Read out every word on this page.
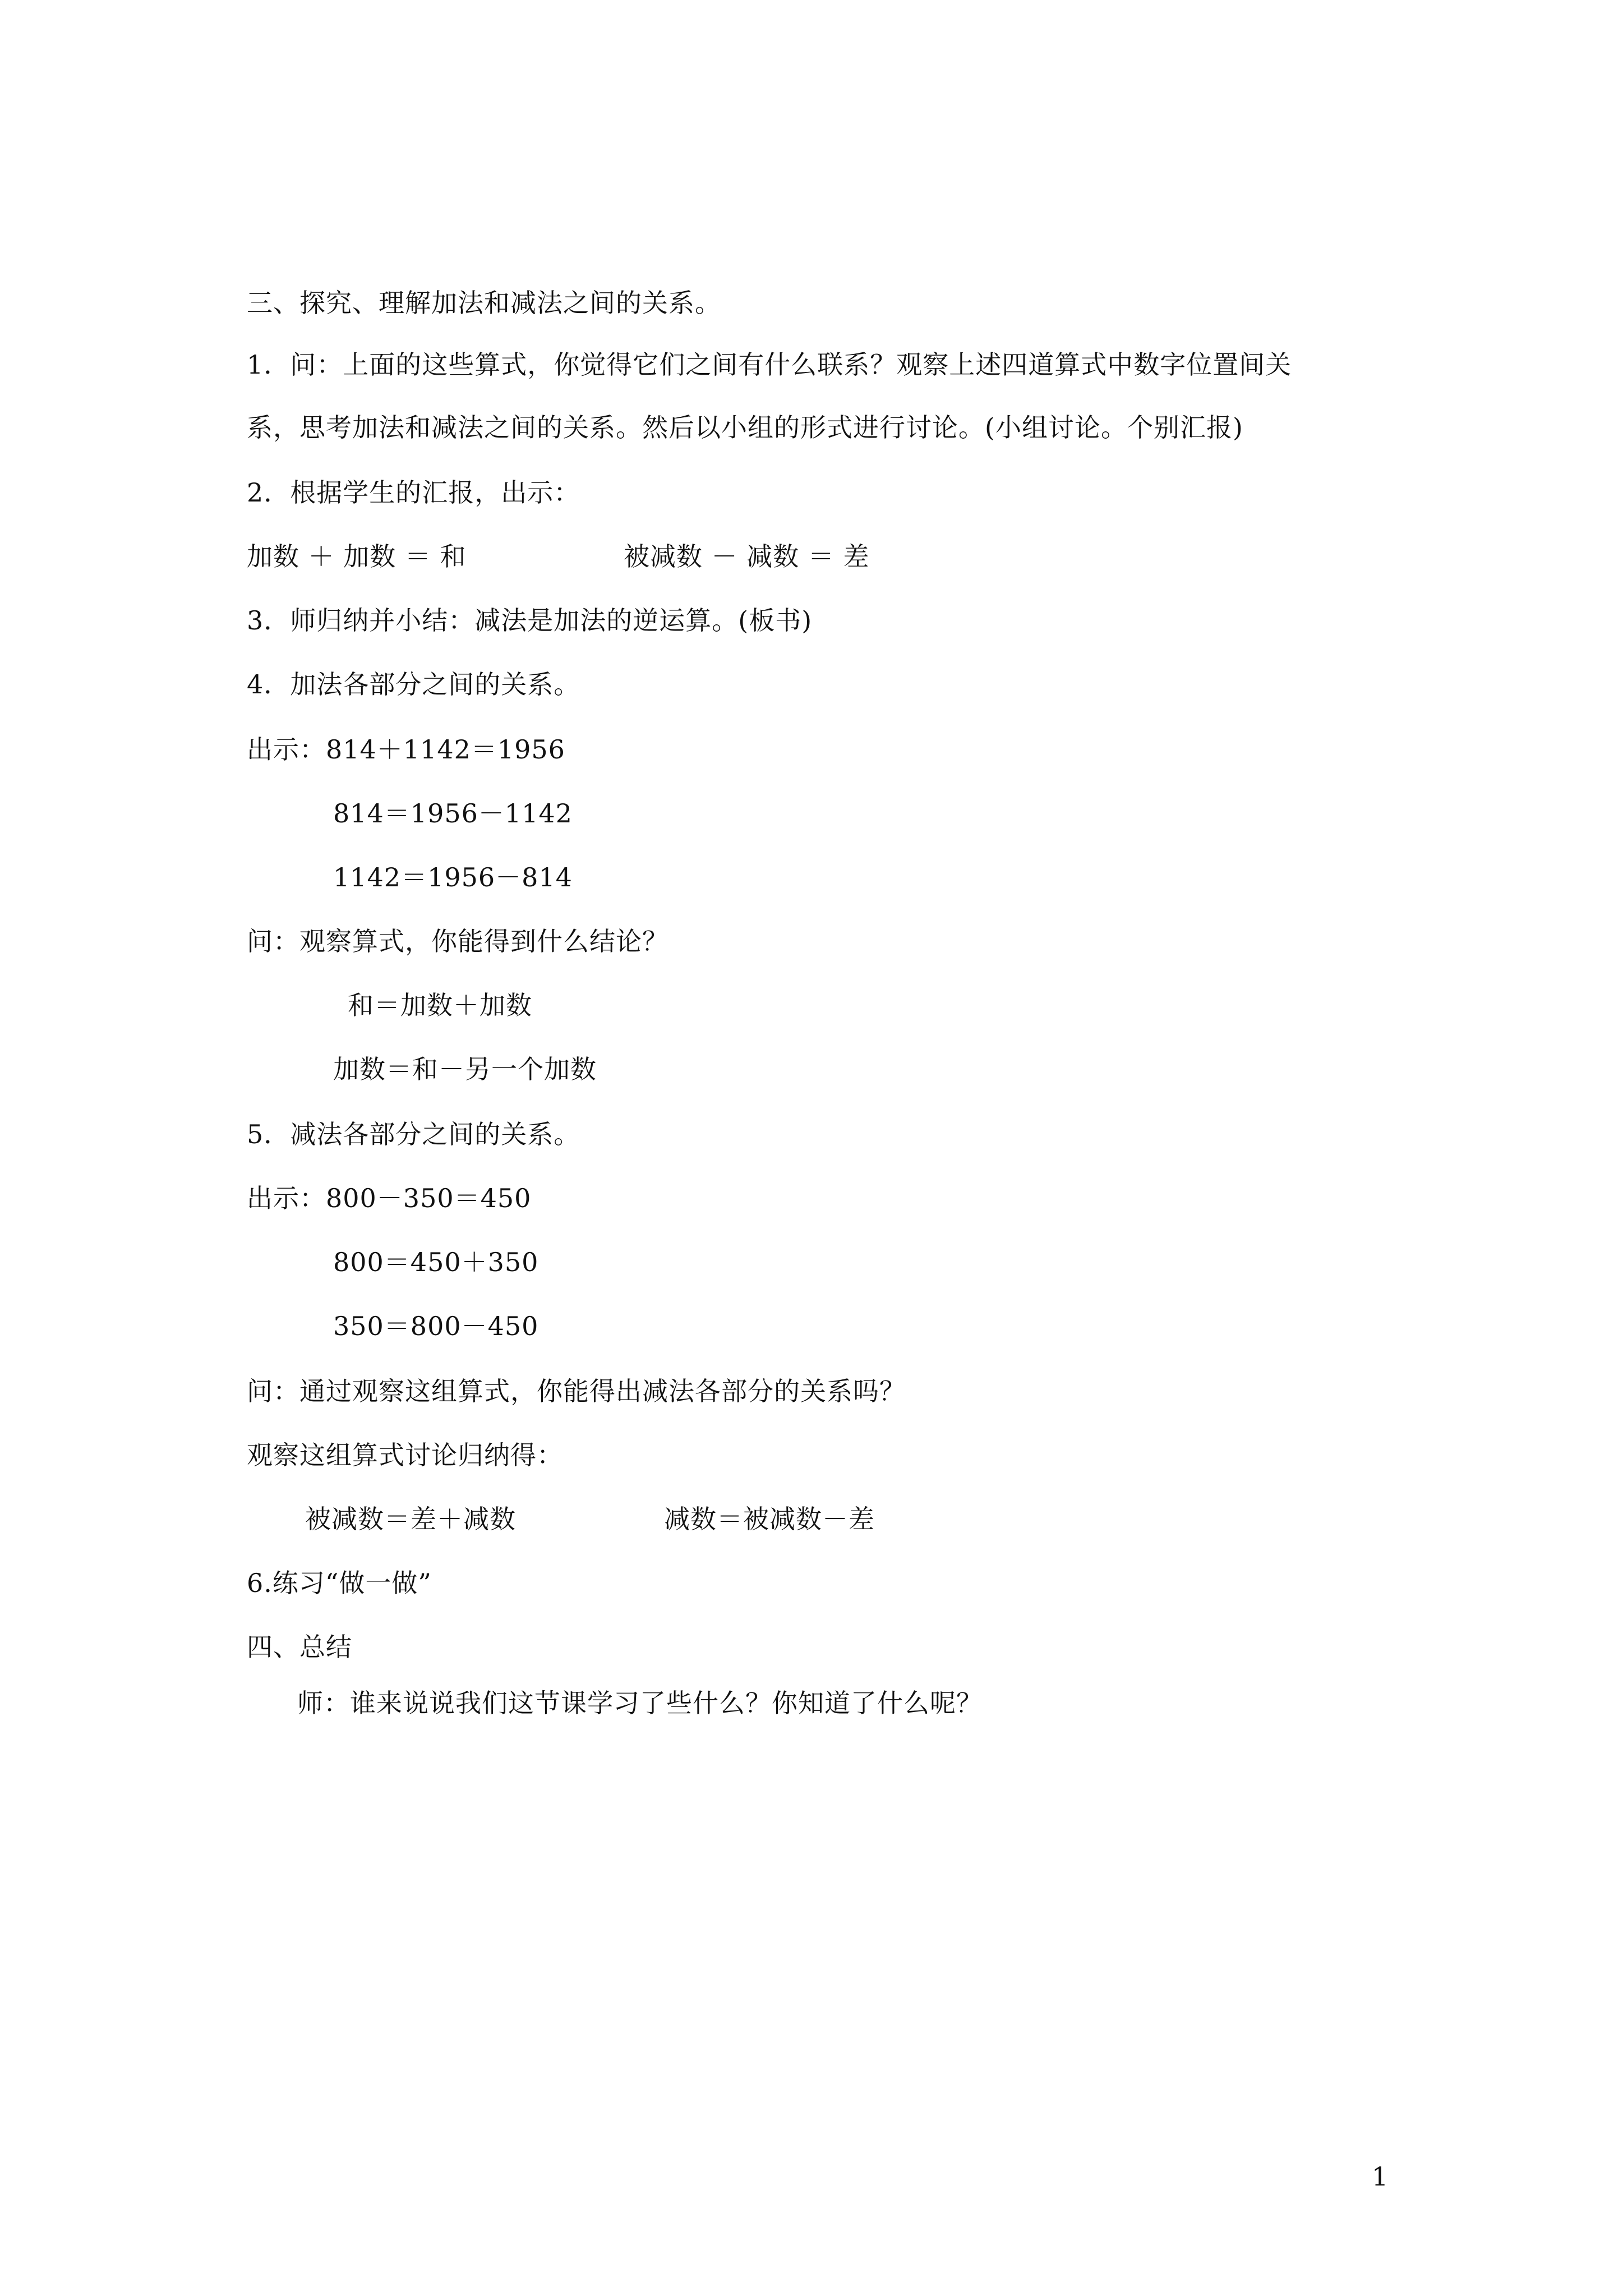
三、探究、理解加法和减法之间的关系。
1．问：上面的这些算式，你觉得它们之间有什么联系？观察上述四道算式中数字位置间关
系，思考加法和减法之间的关系。然后以小组的形式进行讨论。(小组讨论。个别汇报)
2．根据学生的汇报，出示：
加数 ＋ 加数 ＝ 和	被减数 － 减数 ＝ 差
3．师归纳并小结：减法是加法的逆运算。(板书)
4．加法各部分之间的关系。
出示：814＋1142＝1956
814＝1956－1142
1142＝1956－814
问：观察算式，你能得到什么结论？
和＝加数＋加数
加数＝和－另一个加数
5．减法各部分之间的关系。
出示：800－350＝450
800＝450＋350
350＝800－450
问：通过观察这组算式，你能得出减法各部分的关系吗？
观察这组算式讨论归纳得：
被减数＝差＋减数	减数＝被减数－差
6.练习“做一做”
四、总结
师：谁来说说我们这节课学习了些什么？你知道了什么呢？
1
